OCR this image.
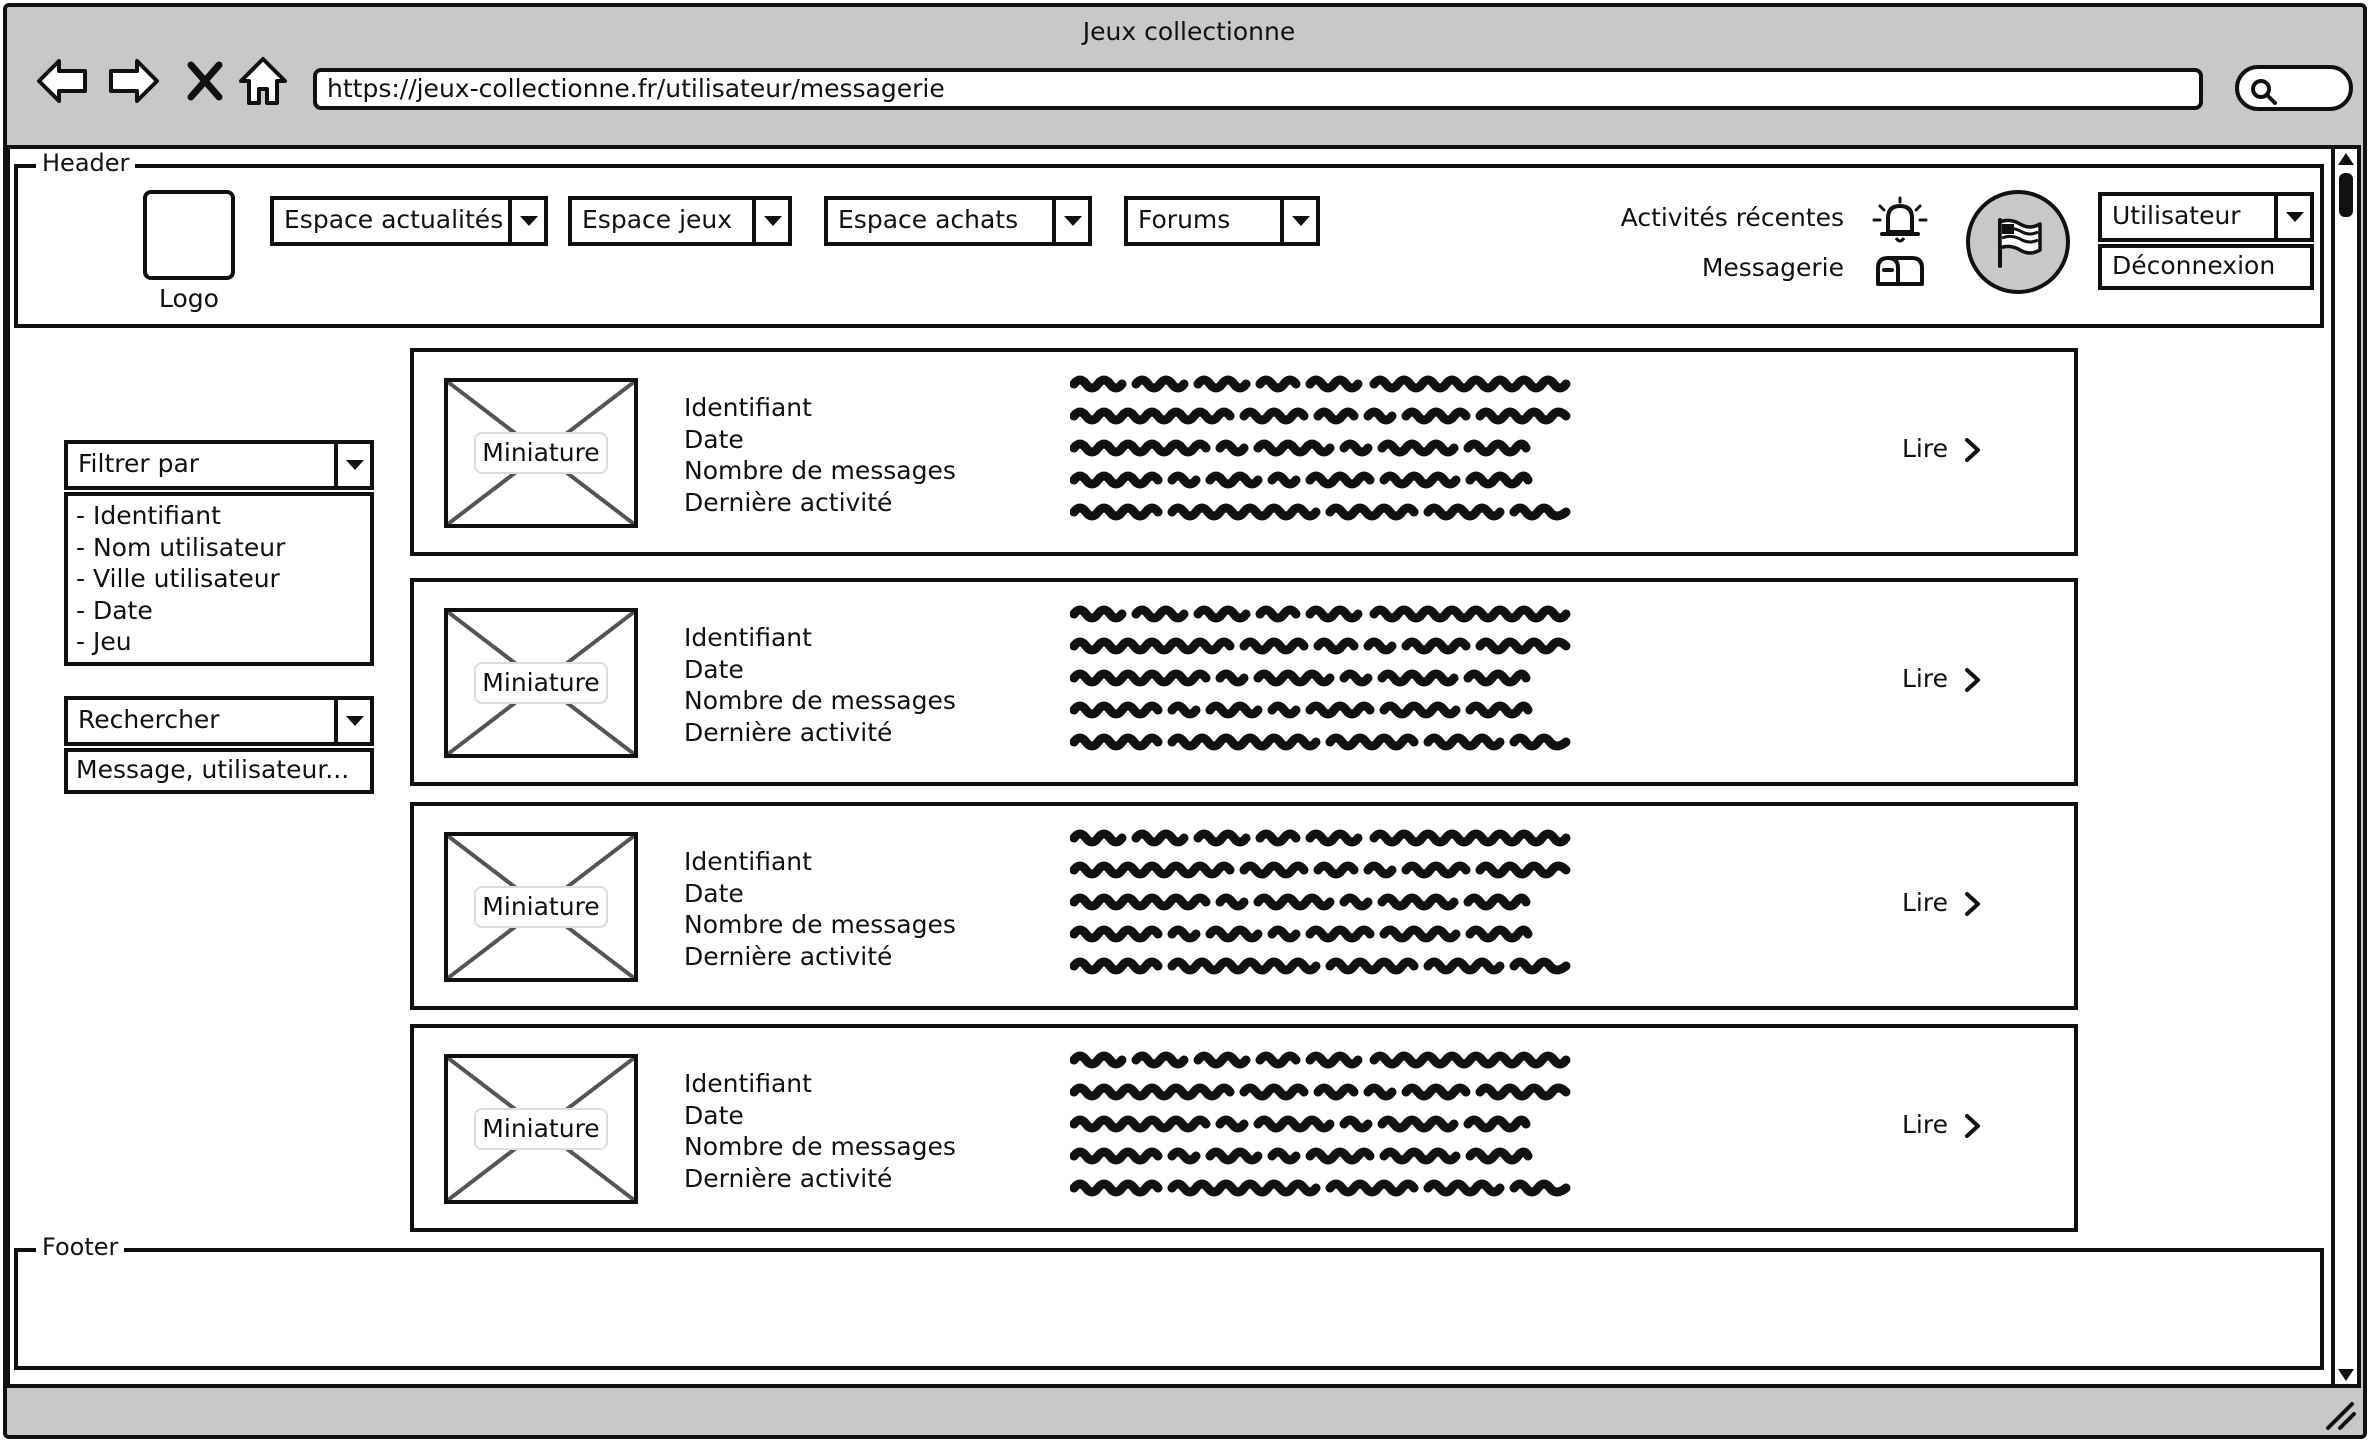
Jeux collectionne
https://jeux-collectionne.fr/utilisateur/messagerie
Header
Logo
Espace actualités	Espace jeux	Espace achats	Forums	Activités récentes
Messagerie
Utilisateur
Déconnexion
Filtrer par
- Identifiant
- Nom utilisateur
- Ville utilisateur
- Date
- Jeu
Rechercher
Message, utilisateur...
Miniature
Identifiant
Date
Nombre de messages
Dernière activité
Lire
Miniature
Identifiant
Date
Nombre de messages
Dernière activité
Lire
Miniature
Identifiant
Date
Nombre de messages
Dernière activité
Lire
Miniature
Identifiant
Date
Nombre de messages
Dernière activité
Lire
Footer
